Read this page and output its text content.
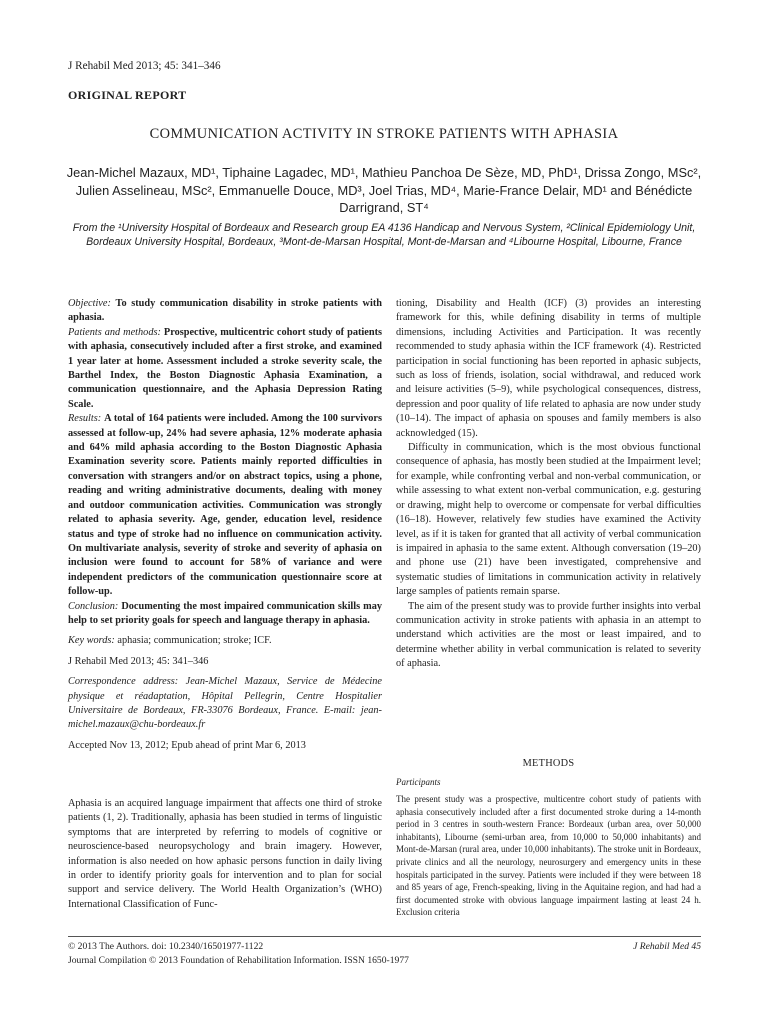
J Rehabil Med 2013; 45: 341–346
ORIGINAL REPORT
COMMUNICATION ACTIVITY IN STROKE PATIENTS WITH APHASIA
Jean-Michel Mazaux, MD¹, Tiphaine Lagadec, MD¹, Mathieu Panchoa De Sèze, MD, PhD¹, Drissa Zongo, MSc², Julien Asselineau, MSc², Emmanuelle Douce, MD³, Joel Trias, MD⁴, Marie-France Delair, MD¹ and Bénédicte Darrigrand, ST⁴
From the ¹University Hospital of Bordeaux and Research group EA 4136 Handicap and Nervous System, ²Clinical Epidemiology Unit, Bordeaux University Hospital, Bordeaux, ³Mont-de-Marsan Hospital, Mont-de-Marsan and ⁴Libourne Hospital, Libourne, France

Objective: To study communication disability in stroke patients with aphasia.

Patients and methods: Prospective, multicentric cohort study of patients with aphasia, consecutively included after a first stroke, and examined 1 year later at home. Assessment included a stroke severity scale, the Barthel Index, the Boston Diagnostic Aphasia Examination, a communication questionnaire, and the Aphasia Depression Rating Scale.

Results: A total of 164 patients were included. Among the 100 survivors assessed at follow-up, 24% had severe aphasia, 12% moderate aphasia and 64% mild aphasia according to the Boston Diagnostic Aphasia Examination severity score. Patients mainly reported difficulties in conversation with strangers and/or on abstract topics, using a phone, reading and writing administrative documents, dealing with money and outdoor communication activities. Communication was strongly related to aphasia severity. Age, gender, education level, residence status and type of stroke had no influence on communication activity. On multivariate analysis, severity of stroke and severity of aphasia on inclusion were found to account for 58% of variance and were independent predictors of the communication questionnaire score at follow-up.

Conclusion: Documenting the most impaired communication skills may help to set priority goals for speech and language therapy in aphasia.

Key words: aphasia; communication; stroke; ICF.

J Rehabil Med 2013; 45: 341–346

Correspondence address: Jean-Michel Mazaux, Service de Médecine physique et réadaptation, Hôpital Pellegrin, Centre Hospitalier Universitaire de Bordeaux, FR-33076 Bordeaux, France. E-mail: jean-michel.mazaux@chu-bordeaux.fr

Accepted Nov 13, 2012; Epub ahead of print Mar 6, 2013

Aphasia is an acquired language impairment that affects one third of stroke patients (1, 2). Traditionally, aphasia has been studied in terms of linguistic symptoms that are interpreted by referring to models of cognitive or neuroscience-based neuropsychology and brain imagery. However, information is also needed on how aphasic persons function in daily living in order to identify priority goals for intervention and to plan for social support and service delivery. The World Health Organization’s (WHO) International Classification of Func-

tioning, Disability and Health (ICF) (3) provides an interesting framework for this, while defining disability in terms of multiple dimensions, including Activities and Participation. It was recently recommended to study aphasia within the ICF framework (4). Restricted participation in social functioning has been reported in aphasic subjects, such as loss of friends, isolation, social withdrawal, and reduced work and leisure activities (5–9), while psychological consequences, distress, depression and poor quality of life related to aphasia are now under study (10–14). The impact of aphasia on spouses and family members is also acknowledged (15).

Difficulty in communication, which is the most obvious functional consequence of aphasia, has mostly been studied at the Impairment level; for example, while confronting verbal and non-verbal communication, or while assessing to what extent non-verbal communication, e.g. gesturing or drawing, might help to overcome or compensate for verbal difficulties (16–18). However, relatively few studies have examined the Activity level, as if it is taken for granted that all activity of verbal communication is impaired in aphasia to the same extent. Although conversation (19–20) and phone use (21) have been investigated, comprehensive and systematic studies of limitations in communication activity in relatively large samples of patients remain sparse.

The aim of the present study was to provide further insights into verbal communication activity in stroke patients with aphasia in an attempt to understand which activities are the most or least impaired, and to determine whether ability in verbal communication is related to severity of aphasia.

METHODS
Participants

The present study was a prospective, multicentre cohort study of patients with aphasia consecutively included after a first documented stroke during a 14-month period in 3 centres in south-western France: Bordeaux (urban area, over 50,000 inhabitants), Libourne (semi-urban area, from 10,000 to 50,000 inhabitants) and Mont-de-Marsan (rural area, under 10,000 inhabitants). The stroke unit in Bordeaux, private clinics and all the neurology, neurosurgery and emergency units in these hospitals participated in the survey. Patients were included if they were between 18 and 85 years of age, French-speaking, living in the Aquitaine region, and had had a first documented stroke with obvious language impairment lasting at least 24 h. Exclusion criteria

© 2013 The Authors. doi: 10.2340/16501977-1122	J Rehabil Med 45
Journal Compilation © 2013 Foundation of Rehabilitation Information. ISSN 1650-1977
